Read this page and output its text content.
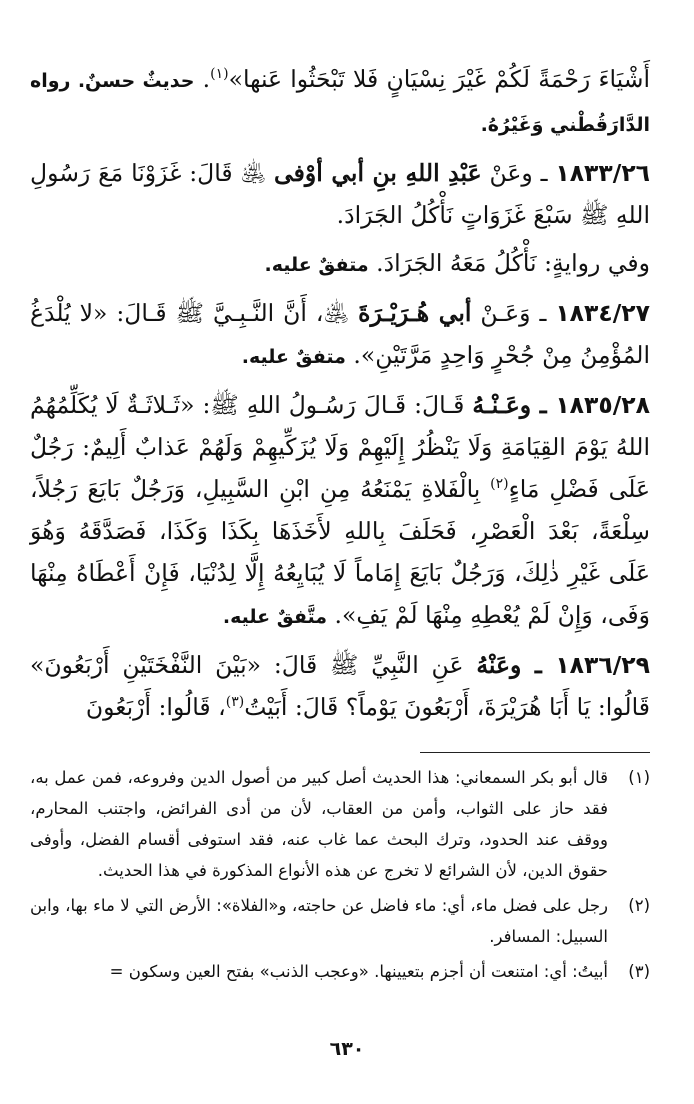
أَشْيَاءَ رَحْمَةً لَكُمْ غَيْرَ نِسْيَانٍ فَلا تَبْحَثُوا عَنها»$^{(١)}$. حديثٌ حسنٌ. رواه الدَّارَقُطْني وَغَيْرُهُ.

١٨٣٣/٢٦ ـ وعَنْ عَبْدِ اللهِ بنِ أبي أوْفى ﵁ قَالَ: غَزَوْنَا مَعَ رَسُولِ اللهِ ﷺ سَبْعَ غَزَوَاتٍ نَأْكُلُ الجَرَادَ.

وفي روايةٍ: نَأْكُلُ مَعَهُ الجَرَادَ. متفقٌ عليه.

١٨٣٤/٢٧ ـ وَعَـنْ أبي هُـرَيْـرَةَ ﵁، أَنَّ النَّـبِـيَّ ﷺ قَـالَ: «لا يُلْدَغُ المُؤْمِنُ مِنْ جُحْرٍ وَاحِدٍ مَرَّتَيْنِ». متفقٌ عليه.

١٨٣٥/٢٨ ـ وعَـنْـهُ قَـالَ: قَـالَ رَسُـولُ اللهِ ﷺ: «ثَـلاثَـةٌ لَا يُكَلِّمُهُمُ اللهُ يَوْمَ القِيَامَةِ وَلَا يَنْظُرُ إِلَيْهِمْ وَلَا يُزَكِّيهِمْ وَلَهُمْ عَذابٌ أَلِيمٌ: رَجُلٌ عَلَى فَضْلِ مَاءٍ$^{(٢)}$ بِالْفَلاةِ يَمْنَعُهُ مِنِ ابْنِ السَّبِيلِ، وَرَجُلٌ بَايَعَ رَجُلاً، سِلْعَةً، بَعْدَ الْعَصْرِ، فَحَلَفَ بِاللهِ لأَخَذَهَا بِكَذَا وَكَذَا، فَصَدَّقَهُ وَهُوَ عَلَى غَيْرِ ذٰلِكَ، وَرَجُلٌ بَايَعَ إِمَاماً لَا يُبَايِعُهُ إِلَّا لِدُنْيَا، فَإِنْ أَعْطَاهُ مِنْهَا وَفَى، وَإِنْ لَمْ يُعْطِهِ مِنْهَا لَمْ يَفِ». متَّفقٌ عليه.

١٨٣٦/٢٩ ـ وعَنْهُ عَنِ النَّبِيِّ ﷺ قَالَ: «بَيْنَ النَّفْخَتَيْنِ أَرْبَعُونَ» قَالُوا: يَا أَبَا هُرَيْرَةَ، أَرْبَعُونَ يَوْماً؟ قَالَ: أَبَيْتُ$^{(٣)}$، قَالُوا: أَرْبَعُونَ

(١)
قال أبو بكر السمعاني: هذا الحديث أصل كبير من أصول الدين وفروعه، فمن عمل به، فقد حاز على الثواب، وأمن من العقاب، لأن من أدى الفرائض، واجتنب المحارم، ووقف عند الحدود، وترك البحث عما غاب عنه، فقد استوفى أقسام الفضل، وأوفى حقوق الدين، لأن الشرائع لا تخرج عن هذه الأنواع المذكورة في هذا الحديث.
(٢)
رجل على فضل ماء، أي: ماء فاضل عن حاجته، و«الفلاة»: الأرض التي لا ماء بها، وابن السبيل: المسافر.
(٣)
أبيتُ: أي: امتنعت أن أجزم بتعيينها. «وعجب الذنب» بفتح العين وسكون =
٦٣٠
